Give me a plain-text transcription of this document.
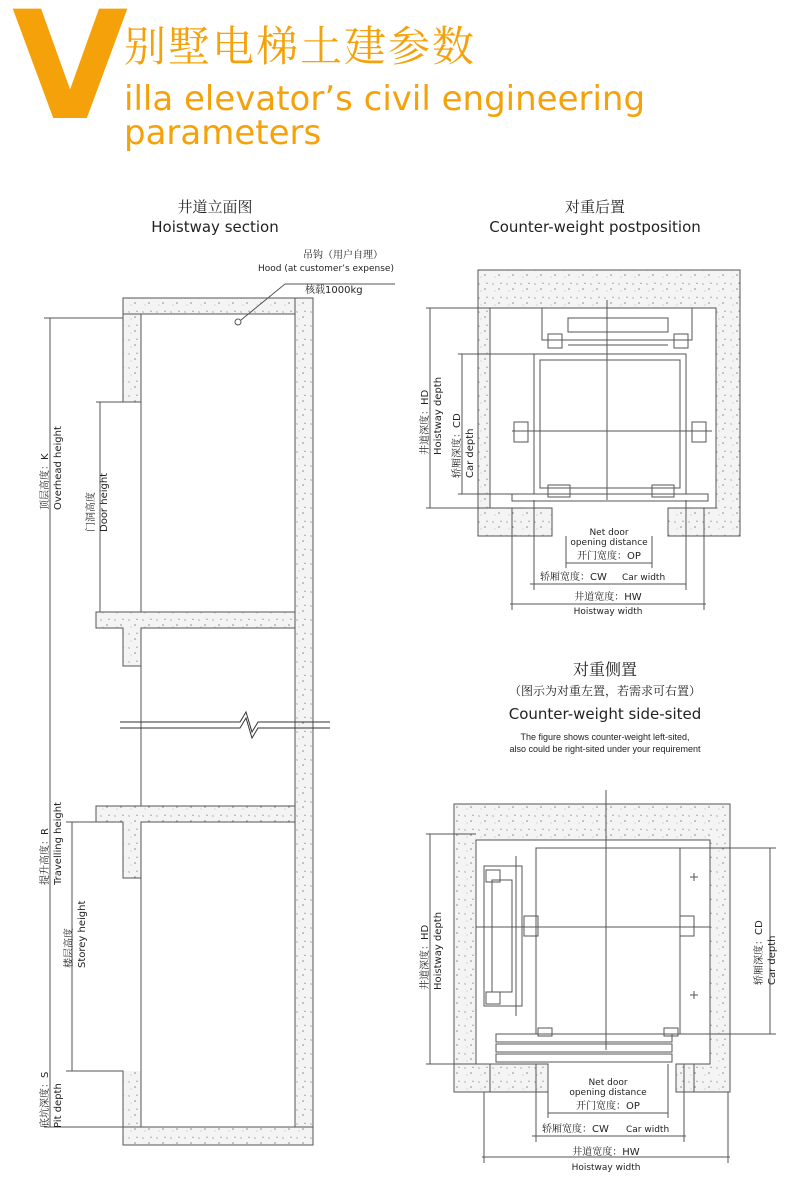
V
别墅电梯土建参数
illa elevator’s civil engineering parameters
井道立面图
Hoistway section
对重后置
Counter-weight postposition
对重侧置
（图示为对重左置，若需求可右置）
Counter-weight side-sited
The figure shows counter-weight left-sited,
also could be right-sited under your requirement
吊钩（用户自理）
Hood (at customer’s expense)
核载1000kg
顶层高度：K Overhead height
门洞高度 Door height
提升高度：R Travelling height
楼层高度 Storey height
底坑深度：S Pit depth
井道深度：HD Hoistway depth 轿厢深度：CD Car depth
Net door
opening distance
开门宽度：OP
轿厢宽度：CW Car width
井道宽度：HW
Hoistway width
井道深度：HD Hoistway depth	轿厢深度：CD Car depth
Net door
opening distance
开门宽度：OP
轿厢宽度：CW Car width
井道宽度：HW
Hoistway width
